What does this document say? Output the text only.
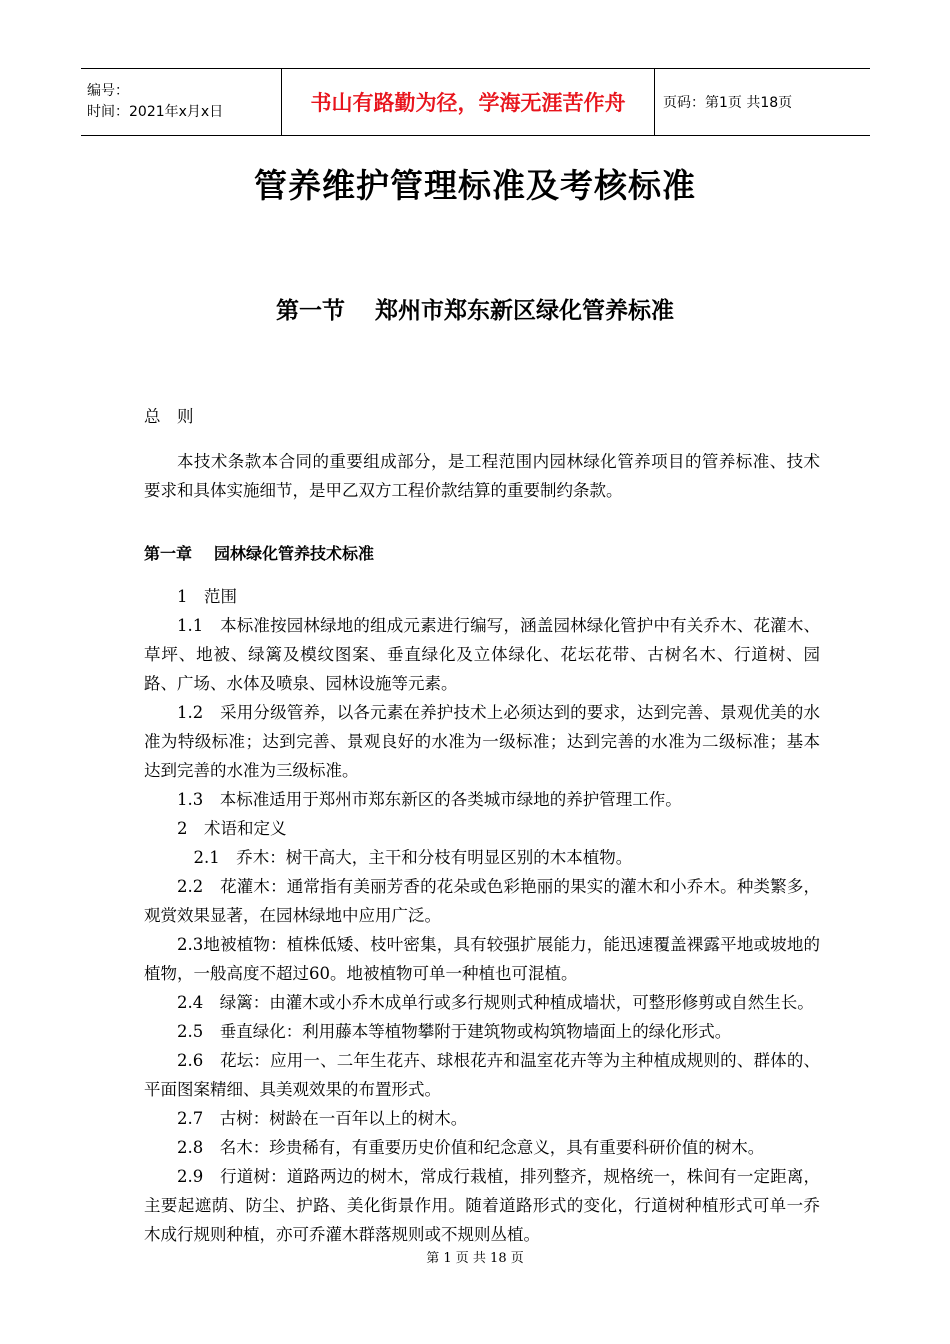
编号：
时间：2021年x月x日	书山有路勤为径，学海无涯苦作舟	页码：第1页 共18页
管养维护管理标准及考核标准
第一节 郑州市郑东新区绿化管养标准

总　则

本技术条款本合同的重要组成部分，是工程范围内园林绿化管养项目的管养标准、技术要求和具体实施细节，是甲乙双方工程价款结算的重要制约条款。

第一章 园林绿化管养技术标准

1　范围

1.1　本标准按园林绿地的组成元素进行编写，涵盖园林绿化管护中有关乔木、花灌木、草坪、地被、绿篱及模纹图案、垂直绿化及立体绿化、花坛花带、古树名木、行道树、园路、广场、水体及喷泉、园林设施等元素。

1.2　采用分级管养，以各元素在养护技术上必须达到的要求，达到完善、景观优美的水准为特级标准；达到完善、景观良好的水准为一级标准；达到完善的水准为二级标准；基本达到完善的水准为三级标准。

1.3　本标准适用于郑州市郑东新区的各类城市绿地的养护管理工作。

2　术语和定义

2.1　乔木：树干高大，主干和分枝有明显区别的木本植物。

2.2　花灌木：通常指有美丽芳香的花朵或色彩艳丽的果实的灌木和小乔木。种类繁多，观赏效果显著，在园林绿地中应用广泛。

2.3地被植物：植株低矮、枝叶密集，具有较强扩展能力，能迅速覆盖裸露平地或坡地的植物，一般高度不超过60。地被植物可单一种植也可混植。

2.4　绿篱：由灌木或小乔木成单行或多行规则式种植成墙状，可整形修剪或自然生长。

2.5　垂直绿化：利用藤本等植物攀附于建筑物或构筑物墙面上的绿化形式。

2.6　花坛：应用一、二年生花卉、球根花卉和温室花卉等为主种植成规则的、群体的、平面图案精细、具美观效果的布置形式。

2.7　古树：树龄在一百年以上的树木。

2.8　名木：珍贵稀有，有重要历史价值和纪念意义，具有重要科研价值的树木。

2.9　行道树：道路两边的树木，常成行栽植，排列整齐，规格统一，株间有一定距离，主要起遮荫、防尘、护路、美化街景作用。随着道路形式的变化，行道树种植形式可单一乔木成行规则种植，亦可乔灌木群落规则或不规则丛植。

第 1 页 共 18 页
